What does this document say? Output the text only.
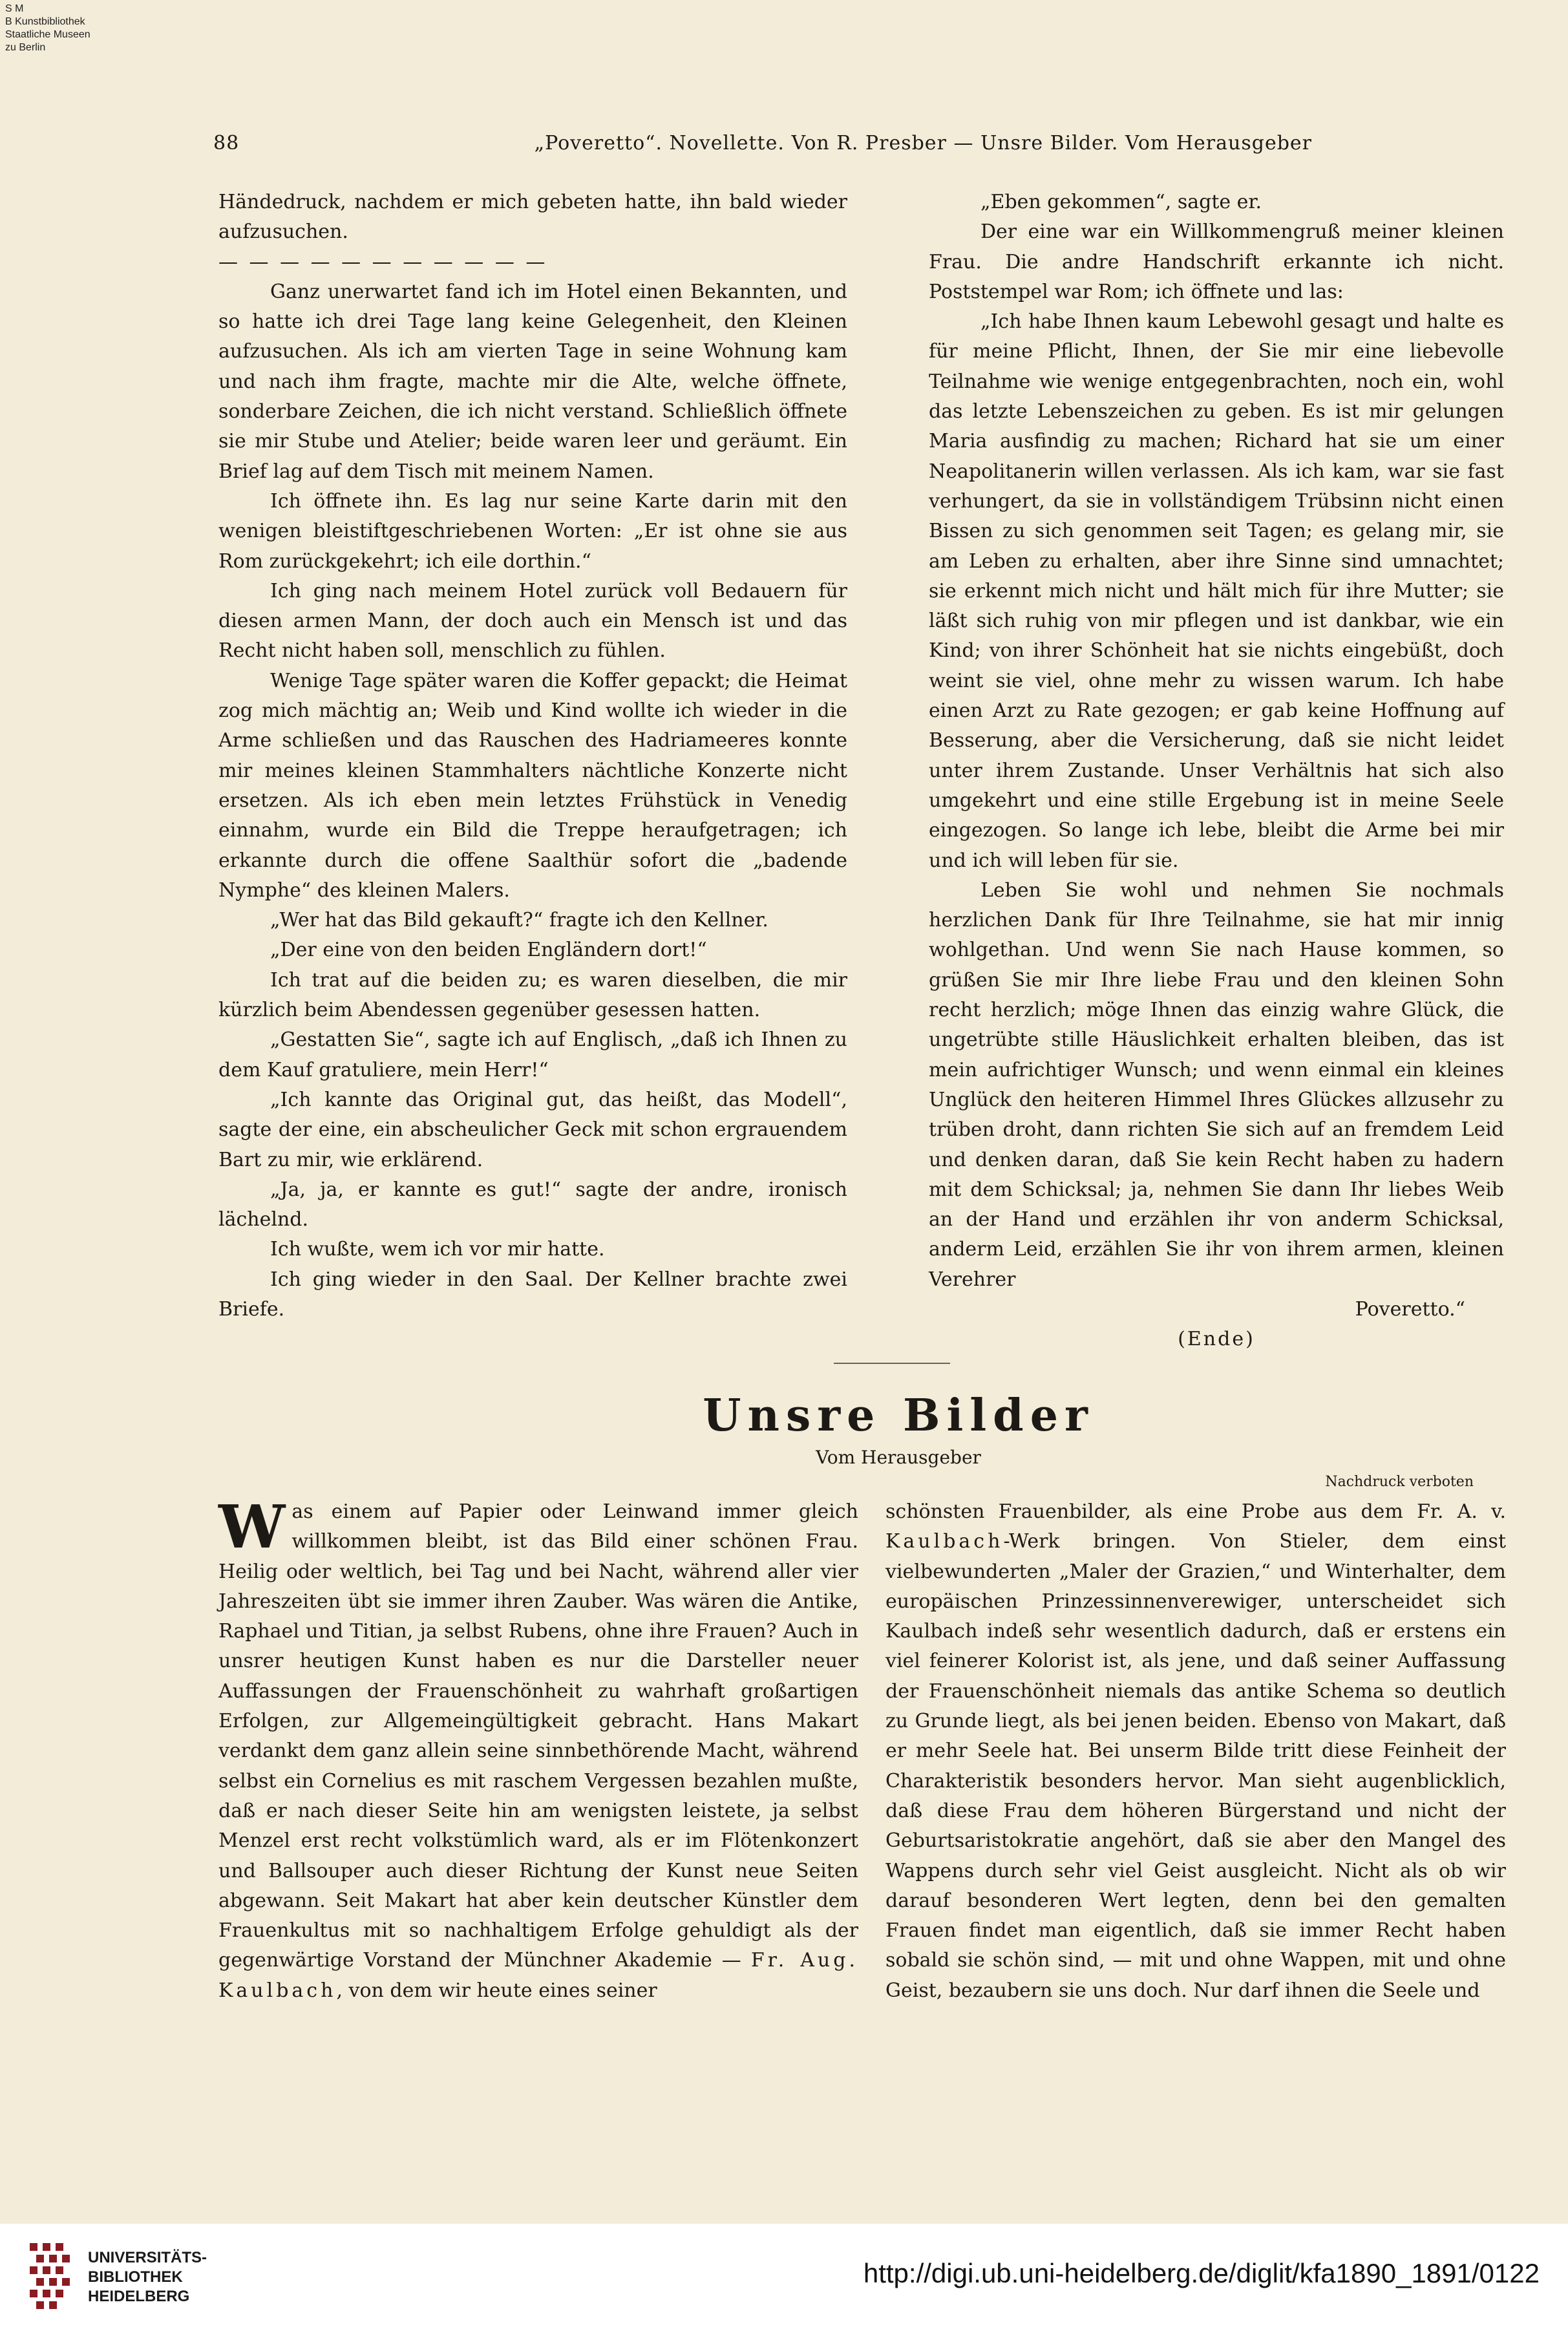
S M
B Kunstbibliothek
Staatliche Museen
zu Berlin
88	„Poveretto“. Novellette. Von R. Presber — Unsre Bilder. Vom Herausgeber

Händedruck, nachdem er mich gebeten hatte, ihn bald wieder aufzusuchen.

— — — — — — — — — — —

Ganz unerwartet fand ich im Hotel einen Bekannten, und so hatte ich drei Tage lang keine Gelegenheit, den Kleinen aufzusuchen. Als ich am vierten Tage in seine Wohnung kam und nach ihm fragte, machte mir die Alte, welche öffnete, sonderbare Zeichen, die ich nicht verstand. Schließlich öffnete sie mir Stube und Atelier; beide waren leer und geräumt. Ein Brief lag auf dem Tisch mit meinem Namen.

Ich öffnete ihn. Es lag nur seine Karte darin mit den wenigen bleistiftgeschriebenen Worten: „Er ist ohne sie aus Rom zurückgekehrt; ich eile dorthin.“

Ich ging nach meinem Hotel zurück voll Bedauern für diesen armen Mann, der doch auch ein Mensch ist und das Recht nicht haben soll, menschlich zu fühlen.

Wenige Tage später waren die Koffer gepackt; die Heimat zog mich mächtig an; Weib und Kind wollte ich wieder in die Arme schließen und das Rauschen des Hadriameeres konnte mir meines kleinen Stammhalters nächtliche Konzerte nicht ersetzen. Als ich eben mein letztes Frühstück in Venedig einnahm, wurde ein Bild die Treppe heraufgetragen; ich erkannte durch die offene Saalthür sofort die „badende Nymphe“ des kleinen Malers.

„Wer hat das Bild gekauft?“ fragte ich den Kellner.

„Der eine von den beiden Engländern dort!“

Ich trat auf die beiden zu; es waren dieselben, die mir kürzlich beim Abendessen gegenüber gesessen hatten.

„Gestatten Sie“, sagte ich auf Englisch, „daß ich Ihnen zu dem Kauf gratuliere, mein Herr!“

„Ich kannte das Original gut, das heißt, das Modell“, sagte der eine, ein abscheulicher Geck mit schon ergrauendem Bart zu mir, wie erklärend.

„Ja, ja, er kannte es gut!“ sagte der andre, ironisch lächelnd.

Ich wußte, wem ich vor mir hatte.

Ich ging wieder in den Saal. Der Kellner brachte zwei Briefe.

„Eben gekommen“, sagte er.

Der eine war ein Willkommengruß meiner kleinen Frau. Die andre Handschrift erkannte ich nicht. Poststempel war Rom; ich öffnete und las:

„Ich habe Ihnen kaum Lebewohl gesagt und halte es für meine Pflicht, Ihnen, der Sie mir eine liebevolle Teilnahme wie wenige entgegenbrachten, noch ein, wohl das letzte Lebenszeichen zu geben. Es ist mir gelungen Maria ausfindig zu machen; Richard hat sie um einer Neapolitanerin willen verlassen. Als ich kam, war sie fast verhungert, da sie in vollständigem Trübsinn nicht einen Bissen zu sich genommen seit Tagen; es gelang mir, sie am Leben zu erhalten, aber ihre Sinne sind umnachtet; sie erkennt mich nicht und hält mich für ihre Mutter; sie läßt sich ruhig von mir pflegen und ist dankbar, wie ein Kind; von ihrer Schönheit hat sie nichts eingebüßt, doch weint sie viel, ohne mehr zu wissen warum. Ich habe einen Arzt zu Rate gezogen; er gab keine Hoffnung auf Besserung, aber die Versicherung, daß sie nicht leidet unter ihrem Zustande. Unser Verhältnis hat sich also umgekehrt und eine stille Ergebung ist in meine Seele eingezogen. So lange ich lebe, bleibt die Arme bei mir und ich will leben für sie.

Leben Sie wohl und nehmen Sie nochmals herzlichen Dank für Ihre Teilnahme, sie hat mir innig wohlgethan. Und wenn Sie nach Hause kommen, so grüßen Sie mir Ihre liebe Frau und den kleinen Sohn recht herzlich; möge Ihnen das einzig wahre Glück, die ungetrübte stille Häuslichkeit erhalten bleiben, das ist mein aufrichtiger Wunsch; und wenn einmal ein kleines Unglück den heiteren Himmel Ihres Glückes allzusehr zu trüben droht, dann richten Sie sich auf an fremdem Leid und denken daran, daß Sie kein Recht haben zu hadern mit dem Schicksal; ja, nehmen Sie dann Ihr liebes Weib an der Hand und erzählen ihr von anderm Schicksal, anderm Leid, erzählen Sie ihr von ihrem armen, kleinen Verehrer

Poveretto.“

(Ende)

Unsre Bilder
Vom Herausgeber
Nachdruck verboten

Was einem auf Papier oder Leinwand immer gleich willkommen bleibt, ist das Bild einer schönen Frau. Heilig oder weltlich, bei Tag und bei Nacht, während aller vier Jahreszeiten übt sie immer ihren Zauber. Was wären die Antike, Raphael und Titian, ja selbst Rubens, ohne ihre Frauen? Auch in unsrer heutigen Kunst haben es nur die Darsteller neuer Auffassungen der Frauenschönheit zu wahrhaft großartigen Erfolgen, zur Allgemeingültigkeit gebracht. Hans Makart verdankt dem ganz allein seine sinnbethörende Macht, während selbst ein Cornelius es mit raschem Vergessen bezahlen mußte, daß er nach dieser Seite hin am wenigsten leistete, ja selbst Menzel erst recht volkstümlich ward, als er im Flötenkonzert und Ballsouper auch dieser Richtung der Kunst neue Seiten abgewann. Seit Makart hat aber kein deutscher Künstler dem Frauenkultus mit so nachhaltigem Erfolge gehuldigt als der gegenwärtige Vorstand der Münchner Akademie — Fr. Aug. Kaulbach, von dem wir heute eines seiner

schönsten Frauenbilder, als eine Probe aus dem Fr. A. v. Kaulbach-Werk bringen. Von Stieler, dem einst vielbewunderten „Maler der Grazien,“ und Winterhalter, dem europäischen Prinzessinnenverewiger, unterscheidet sich Kaulbach indeß sehr wesentlich dadurch, daß er erstens ein viel feinerer Kolorist ist, als jene, und daß seiner Auffassung der Frauenschönheit niemals das antike Schema so deutlich zu Grunde liegt, als bei jenen beiden. Ebenso von Makart, daß er mehr Seele hat. Bei unserm Bilde tritt diese Feinheit der Charakteristik besonders hervor. Man sieht augenblicklich, daß diese Frau dem höheren Bürgerstand und nicht der Geburtsaristokratie angehört, daß sie aber den Mangel des Wappens durch sehr viel Geist ausgleicht. Nicht als ob wir darauf besonderen Wert legten, denn bei den gemalten Frauen findet man eigentlich, daß sie immer Recht haben sobald sie schön sind, — mit und ohne Wappen, mit und ohne Geist, bezaubern sie uns doch. Nur darf ihnen die Seele und

UNIVERSITÄTS-
BIBLIOTHEK
HEIDELBERG
http://digi.ub.uni-heidelberg.de/diglit/kfa1890_1891/0122
